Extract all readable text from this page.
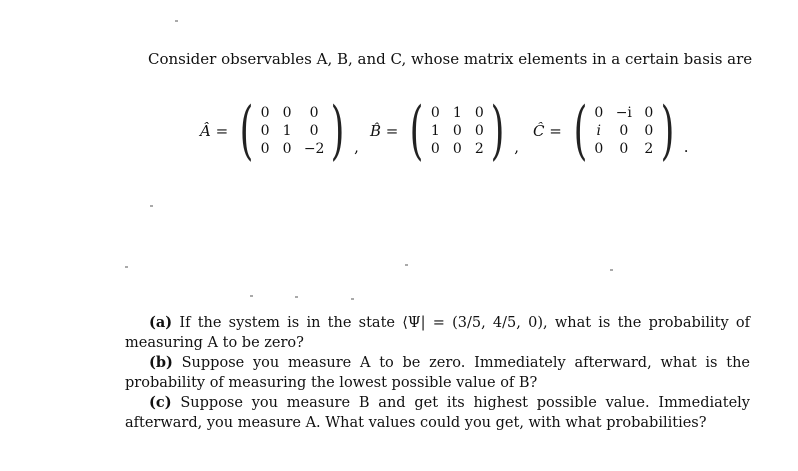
Consider observables A, B, and C, whose matrix elements in a certain basis are
Â = ( 0 0	0
0 1	0
0 0 −2 ) ,
B̂ = ( 0 1 0
1 0 0
0 0 2 ) ,
Ĉ = ( 0 −i 0
i	0	0
0	0	2 ) .

(a) If the system is in the state ⟨Ψ| = (3/5, 4/5, 0), what is the probability of measuring A to be zero?

(b) Suppose you measure A to be zero. Immediately afterward, what is the probability of measuring the lowest possible value of B?

(c) Suppose you measure B and get its highest possible value. Immediately afterward, you measure A. What values could you get, with what probabilities?
